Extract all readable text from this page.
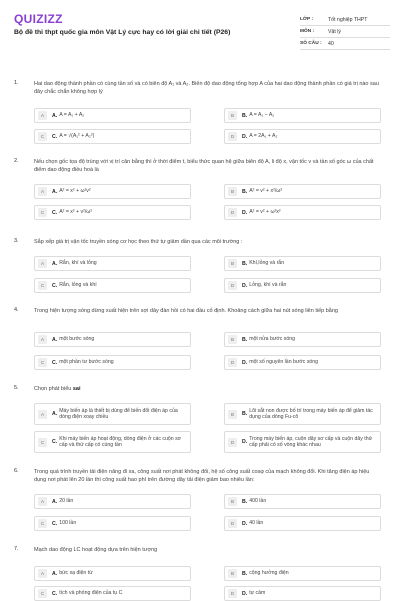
QUIZIZZ
Bộ đề thi thpt quốc gia môn Vật Lý cực hay có lời giải chi tiết (P26)
LỚP :	Tốt nghiệp THPT
MÔN :	Vật lý
SỐ CÂU :	40
1.	Hai dao động thành phần có cùng tần số và có biên độ A₁ và A₂. Biên độ dao động tổng hợp A của hai dao động thành phần có giá trị nào sau đây chắc chắn không hợp lý
A	A. A = A₁ + A₂	B	B. A = A₁ − A₂
C	C. A = √(A₁² + A₂²)	D	D. A = 2A₁ + A₂
2.	Nếu chọn gốc tọa độ trùng với vị trí cân bằng thì ở thời điểm t, biểu thức quan hệ giữa biên độ A, li độ x, vận tốc v và tần số góc ω của chất điểm dao động điều hoà là
A	A. A² = x² + ω²v²	B	B. A² = v² + x²/ω²
C	C. A² = x² + v²/ω²	D	D. A² = v² + ω²x²
3.	Sắp xếp giá trị vận tốc truyền sóng cơ học theo thứ tự giảm dần qua các môi trường :
A	A. Rắn, khí và lỏng	B	B. Khí,lỏng và rắn
C	C. Rắn, lỏng và khí	D	D. Lỏng, khí và rắn
4.	Trong hiện tượng sóng dừng xuất hiện trên sợi dây đàn hồi có hai đầu cố định. Khoảng cách giữa hai nút sóng liên tiếp bằng
A	A. một bước sóng	B	B. một nửa bước sóng
C	C. một phần tư bước sóng	D	D. một số nguyên lần bước sóng
5.	Chọn phát biểu sai
A	A.
Máy biến áp là thiết bị dùng để biến đổi điện áp của dòng điện xoay chiều	B	B.
Lõi sắt non được bố trí trong máy biến áp để giảm tác dụng của dòng Fu-cô
C	C.
Khi máy biến áp hoạt động, dòng điện ở các cuộn sơ cấp và thứ cấp có cùng tần	D	D.
Trong máy biến áp, cuộn dây sơ cấp và cuộn dây thứ cấp phải có số vòng khác nhau
6.	Trong quá trình truyền tải điện năng đi xa, công suất nơi phát không đổi, hệ số công suất cosφ của mạch không đổi. Khi tăng điện áp hiệu dụng nơi phát lên 20 lần thì công suất hao phí trên đường dây tải điện giảm bao nhiêu lần:
A	A. 20 lần	B	B. 400 lần
C	C. 100 lần	D	D. 40 lần
7.	Mạch dao động LC hoạt động dựa trên hiện tượng
A	A. bức xạ điện từ	B	B. cộng hưởng điện
C	C. tích và phóng điện của tụ C	D	D. tự cảm
